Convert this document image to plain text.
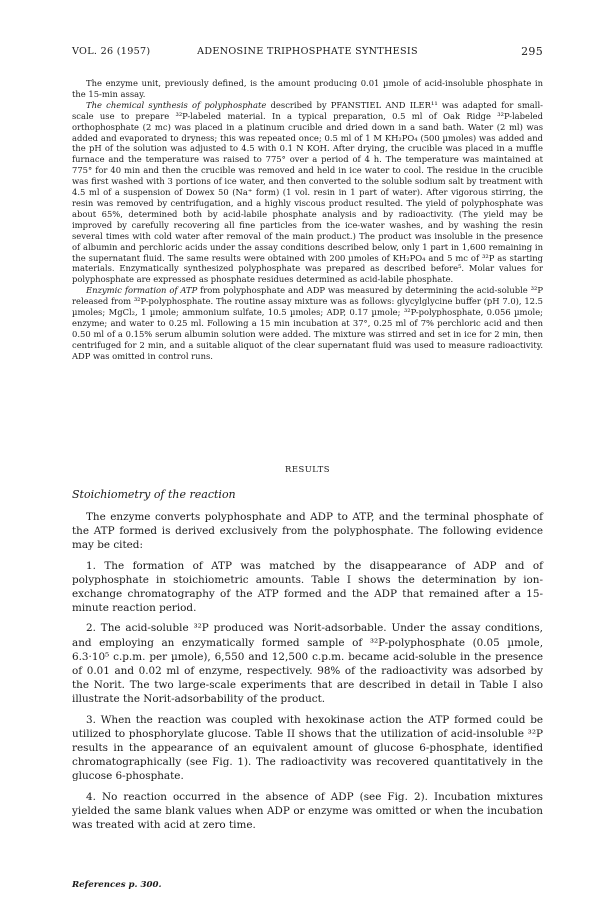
VOL. 26 (1957)	ADENOSINE TRIPHOSPHATE SYNTHESIS	295

The enzyme unit, previously defined, is the amount producing 0.01 µmole of acid-insoluble phosphate in the 15-min assay.

The chemical synthesis of polyphosphate described by PFANSTIEL AND ILER¹¹ was adapted for small-scale use to prepare ³²P-labeled material. In a typical preparation, 0.5 ml of Oak Ridge ³²P-labeled orthophosphate (2 mc) was placed in a platinum crucible and dried down in a sand bath. Water (2 ml) was added and evaporated to dryness; this was repeated once; 0.5 ml of 1 M KH₂PO₄ (500 µmoles) was added and the pH of the solution was adjusted to 4.5 with 0.1 N KOH. After drying, the crucible was placed in a muffle furnace and the temperature was raised to 775° over a period of 4 h. The temperature was maintained at 775° for 40 min and then the crucible was removed and held in ice water to cool. The residue in the crucible was first washed with 3 portions of ice water, and then converted to the soluble sodium salt by treatment with 4.5 ml of a suspension of Dowex 50 (Na⁺ form) (1 vol. resin in 1 part of water). After vigorous stirring, the resin was removed by centrifugation, and a highly viscous product resulted. The yield of polyphosphate was about 65%, determined both by acid-labile phosphate analysis and by radioactivity. (The yield may be improved by carefully recovering all fine particles from the ice-water washes, and by washing the resin several times with cold water after removal of the main product.) The product was insoluble in the presence of albumin and perchloric acids under the assay conditions described below, only 1 part in 1,600 remaining in the supernatant fluid. The same results were obtained with 200 µmoles of KH₂PO₄ and 5 mc of ³²P as starting materials. Enzymatically synthesized polyphosphate was prepared as described before⁵. Molar values for polyphosphate are expressed as phosphate residues determined as acid-labile phosphate.

Enzymic formation of ATP from polyphosphate and ADP was measured by determining the acid-soluble ³²P released from ³²P-polyphosphate. The routine assay mixture was as follows: glycylglycine buffer (pH 7.0), 12.5 µmoles; MgCl₂, 1 µmole; ammonium sulfate, 10.5 µmoles; ADP, 0.17 µmole; ³²P-polyphosphate, 0.056 µmole; enzyme; and water to 0.25 ml. Following a 15 min incubation at 37°, 0.25 ml of 7% perchloric acid and then 0.50 ml of a 0.15% serum albumin solution were added. The mixture was stirred and set in ice for 2 min, then centrifuged for 2 min, and a suitable aliquot of the clear supernatant fluid was used to measure radioactivity. ADP was omitted in control runs.

RESULTS
Stoichiometry of the reaction

The enzyme converts polyphosphate and ADP to ATP, and the terminal phosphate of the ATP formed is derived exclusively from the polyphosphate. The following evidence may be cited:

1. The formation of ATP was matched by the disappearance of ADP and of polyphosphate in stoichiometric amounts. Table I shows the determination by ion-exchange chromatography of the ATP formed and the ADP that remained after a 15-minute reaction period.

2. The acid-soluble ³²P produced was Norit-adsorbable. Under the assay conditions, and employing an enzymatically formed sample of ³²P-polyphosphate (0.05 µmole, 6.3·10⁵ c.p.m. per µmole), 6,550 and 12,500 c.p.m. became acid-soluble in the presence of 0.01 and 0.02 ml of enzyme, respectively. 98% of the radioactivity was adsorbed by the Norit. The two large-scale experiments that are described in detail in Table I also illustrate the Norit-adsorbability of the product.

3. When the reaction was coupled with hexokinase action the ATP formed could be utilized to phosphorylate glucose. Table II shows that the utilization of acid-insoluble ³²P results in the appearance of an equivalent amount of glucose 6-phosphate, identified chromatographically (see Fig. 1). The radioactivity was recovered quantitatively in the glucose 6-phosphate.

4. No reaction occurred in the absence of ADP (see Fig. 2). Incubation mixtures yielded the same blank values when ADP or enzyme was omitted or when the incubation was treated with acid at zero time.

References p. 300.
